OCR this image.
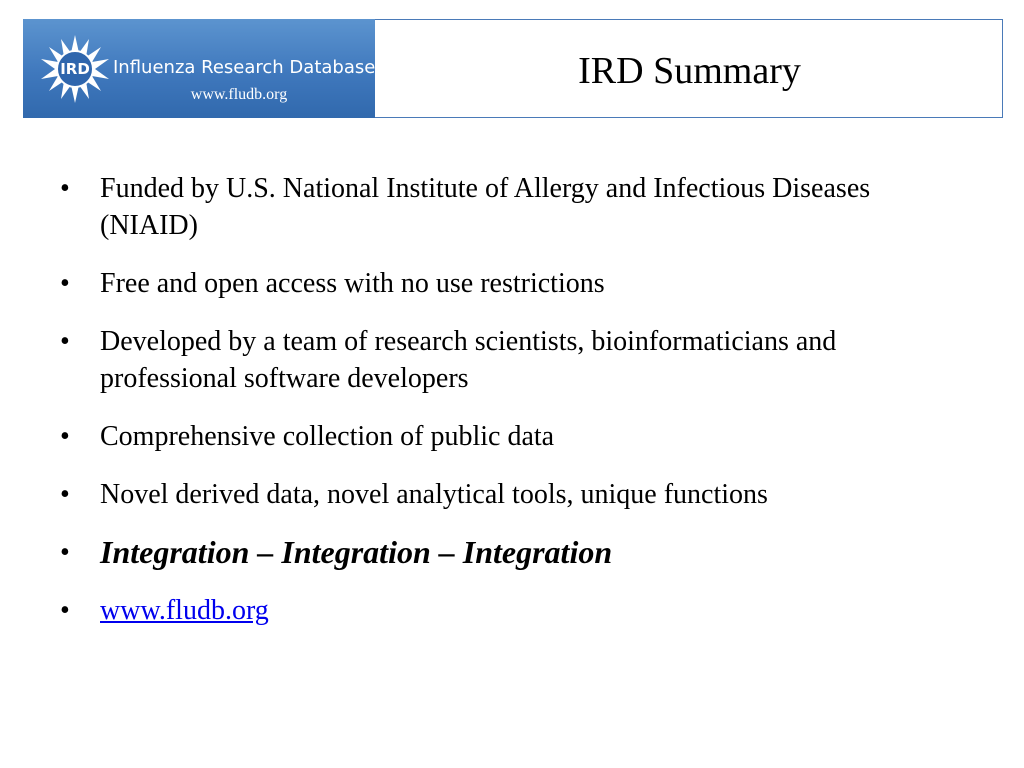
IRD	Influenza Research Database
www.fludb.org
IRD Summary
• Funded by U.S. National Institute of Allergy and Infectious Diseases (NIAID)
• Free and open access with no use restrictions
• Developed by a team of research scientists, bioinformaticians and professional software developers
• Comprehensive collection of public data
• Novel derived data, novel analytical tools, unique functions
• Integration – Integration – Integration
• www.fludb.org
